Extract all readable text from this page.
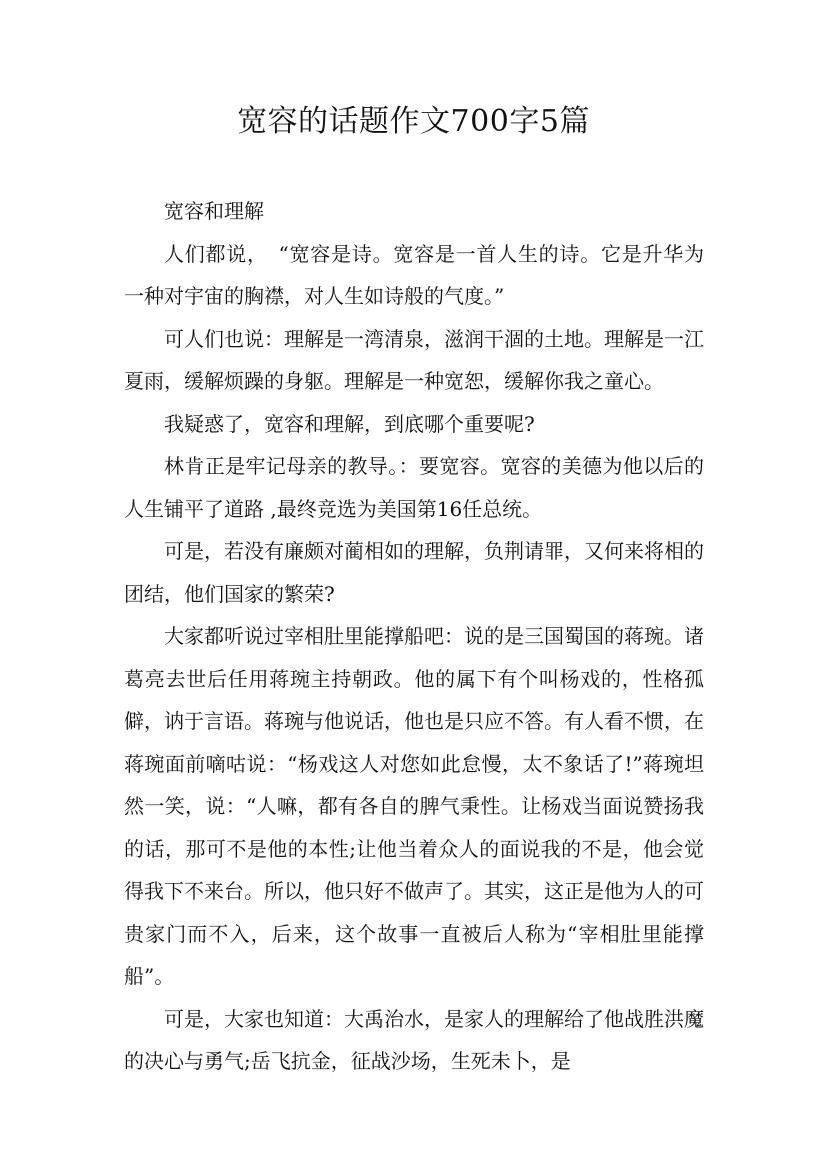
宽容的话题作文700字5篇

宽容和理解

人们都说，　“宽容是诗。宽容是一首人生的诗。它是升华为一种对宇宙的胸襟，对人生如诗般的气度。”

可人们也说：理解是一湾清泉，滋润干涸的土地。理解是一江夏雨，缓解烦躁的身躯。理解是一种宽恕，缓解你我之童心。

我疑惑了，宽容和理解，到底哪个重要呢?

林肯正是牢记母亲的教导。：要宽容。宽容的美德为他以后的人生铺平了道路 ,最终竞选为美国第16任总统。

可是，若没有廉颇对蔺相如的理解，负荆请罪，又何来将相的团结，他们国家的繁荣?

大家都听说过宰相肚里能撑船吧：说的是三国蜀国的蒋琬。诸葛亮去世后任用蒋琬主持朝政。他的属下有个叫杨戏的，性格孤僻，讷于言语。蒋琬与他说话，他也是只应不答。有人看不惯，在蒋琬面前嘀咕说：“杨戏这人对您如此怠慢，太不象话了!”蒋琬坦然一笑，说：“人嘛，都有各自的脾气秉性。让杨戏当面说赞扬我的话，那可不是他的本性;让他当着众人的面说我的不是，他会觉得我下不来台。所以，他只好不做声了。其实，这正是他为人的可贵家门而不入，后来，这个故事一直被后人称为“宰相肚里能撑船”。

可是，大家也知道：大禹治水，是家人的理解给了他战胜洪魔的决心与勇气;岳飞抗金，征战沙场，生死未卜，是
